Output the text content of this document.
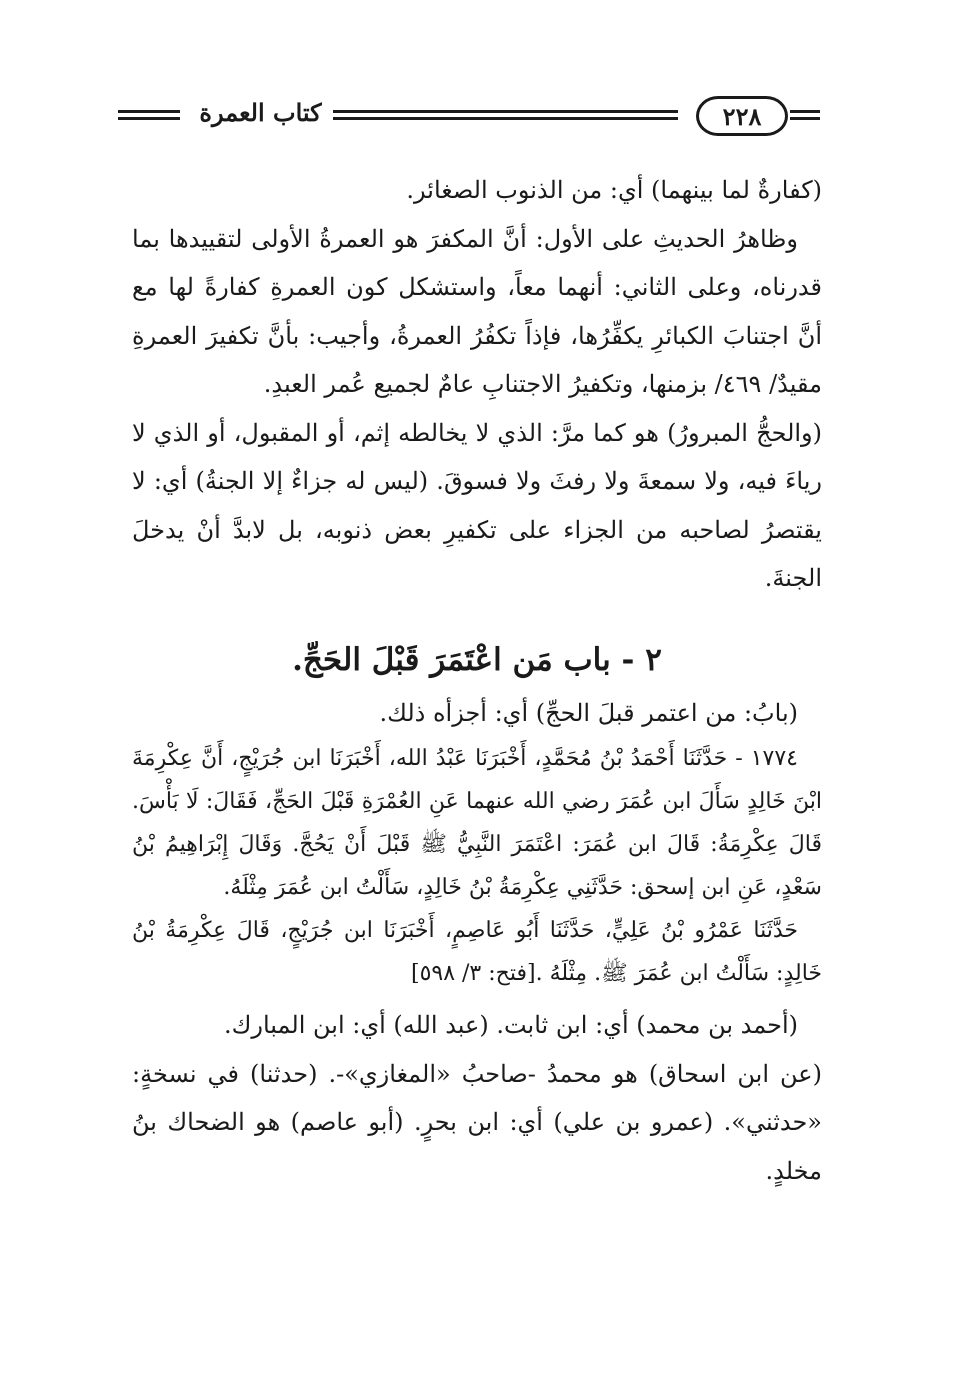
كتاب العمرة	٢٢٨

(كفارةٌ لما بينهما) أي: من الذنوب الصغائر.

وظاهرُ الحديثِ على الأول: أنَّ المكفرَ هو العمرةُ الأولى لتقييدها بما قدرناه، وعلى الثاني: أنهما معاً، واستشكل كون العمرةِ كفارةً لها مع أنَّ اجتنابَ الكبائرِ يكفِّرُها، فإذاً تكفُرُ العمرةُ، وأجيب: بأنَّ تكفيرَ العمرةِ مقيدٌ/ ٤٦٩/ بزمنها، وتكفيرُ الاجتنابِ عامٌ لجميع عُمر العبدِ.

(والحجُّ المبرورُ) هو كما مرَّ: الذي لا يخالطه إثم، أو المقبول، أو الذي لا رياءَ فيه، ولا سمعةَ ولا رفثَ ولا فسوقَ. (ليس له جزاءٌ إلا الجنةُ) أي: لا يقتصرُ لصاحبه من الجزاء على تكفيرِ بعض ذنوبه، بل لابدَّ أنْ يدخلَ الجنةَ.

٢ - باب مَن اعْتَمَرَ قَبْلَ الحَجِّ.

(بابُ: من اعتمر قبلَ الحجِّ) أي: أجزأه ذلك.

١٧٧٤ - حَدَّثَنَا أَحْمَدُ بْنُ مُحَمَّدٍ، أَخْبَرَنَا عَبْدُ الله، أَخْبَرَنَا ابن جُرَيْجٍ، أَنَّ عِكْرِمَةَ ابْنَ خَالِدٍ سَأَلَ ابن عُمَرَ رضي الله عنهما عَنِ العُمْرَةِ قَبْلَ الحَجِّ، فَقَالَ: لَا بَأْسَ. قَالَ عِكْرِمَةُ: قَالَ ابن عُمَرَ: اعْتَمَرَ النَّبِيُّ ﷺ قَبْلَ أَنْ يَحُجَّ. وَقَالَ إِبْرَاهِيمُ بْنُ سَعْدٍ، عَنِ ابن إسحق: حَدَّثَنِي عِكْرِمَةُ بْنُ خَالِدٍ، سَأَلْتُ ابن عُمَرَ مِثْلَهُ.

حَدَّثَنَا عَمْرُو بْنُ عَلِيٍّ، حَدَّثَنَا أَبُو عَاصِمٍ، أَخْبَرَنَا ابن جُرَيْجٍ، قَالَ عِكْرِمَةُ بْنُ خَالِدٍ: سَأَلْتُ ابن عُمَرَ ﷺ. مِثْلَهُ .[فتح: ٣/ ٥٩٨]

(أحمد بن محمد) أي: ابن ثابت. (عبد الله) أي: ابن المبارك.

(عن ابن اسحاق) هو محمدُ -صاحبُ «المغازي»-. (حدثنا) في نسخةٍ: «حدثني». (عمرو بن علي) أي: ابن بحرٍ. (أبو عاصم) هو الضحاك بنُ مخلدٍ.
